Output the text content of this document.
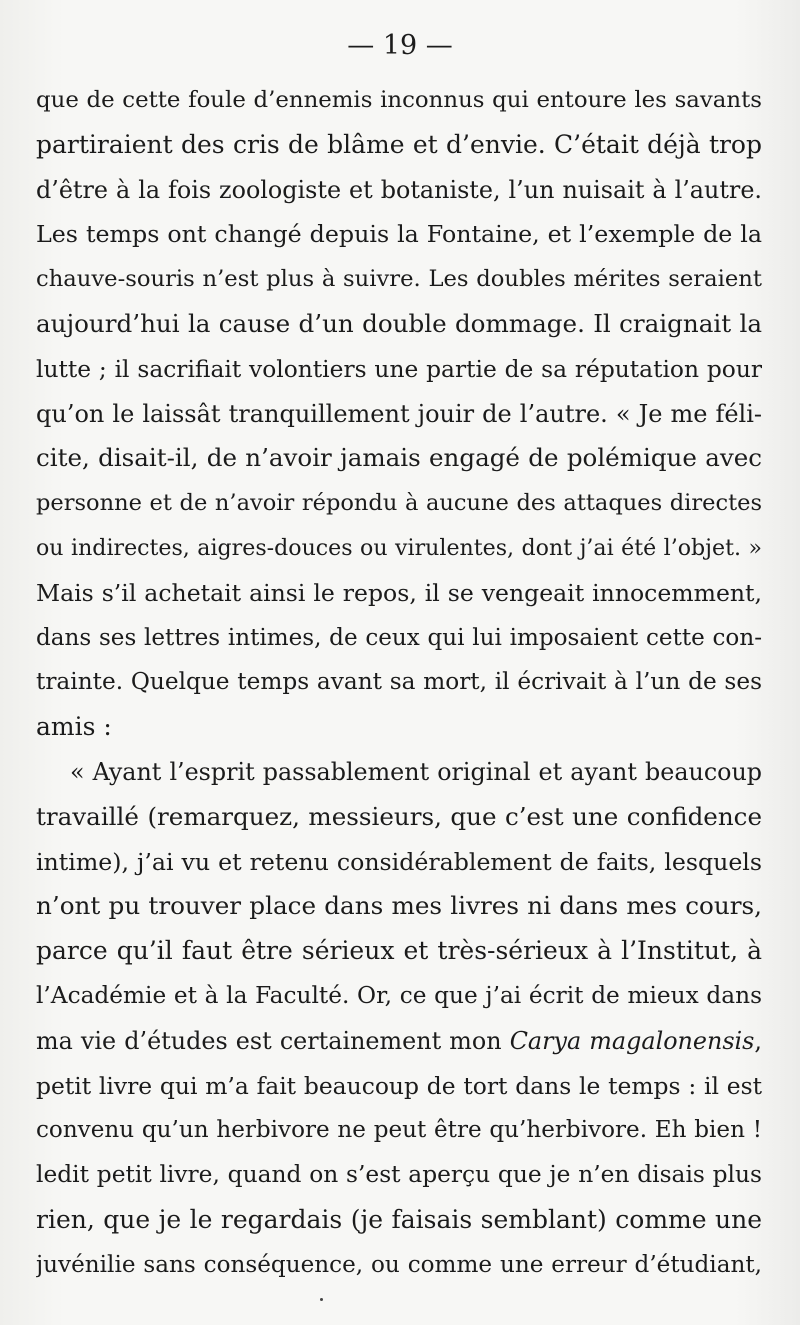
— 19 —
que de cette foule d’ennemis inconnus qui entoure les savants
partiraient des cris de blâme et d’envie. C’était déjà trop
d’être à la fois zoologiste et botaniste, l’un nuisait à l’autre.
Les temps ont changé depuis la Fontaine, et l’exemple de la
chauve-souris n’est plus à suivre. Les doubles mérites seraient
aujourd’hui la cause d’un double dommage. Il craignait la
lutte ; il sacrifiait volontiers une partie de sa réputation pour
qu’on le laissât tranquillement jouir de l’autre. « Je me féli-
cite, disait-il, de n’avoir jamais engagé de polémique avec
personne et de n’avoir répondu à aucune des attaques directes
ou indirectes, aigres-douces ou virulentes, dont j’ai été l’objet. »
Mais s’il achetait ainsi le repos, il se vengeait innocemment,
dans ses lettres intimes, de ceux qui lui imposaient cette con-
trainte. Quelque temps avant sa mort, il écrivait à l’un de ses
amis :
« Ayant l’esprit passablement original et ayant beaucoup
travaillé (remarquez, messieurs, que c’est une confidence
intime), j’ai vu et retenu considérablement de faits, lesquels
n’ont pu trouver place dans mes livres ni dans mes cours,
parce qu’il faut être sérieux et très-sérieux à l’Institut, à
l’Académie et à la Faculté. Or, ce que j’ai écrit de mieux dans
ma vie d’études est certainement mon Carya magalonensis,
petit livre qui m’a fait beaucoup de tort dans le temps : il est
convenu qu’un herbivore ne peut être qu’herbivore. Eh bien !
ledit petit livre, quand on s’est aperçu que je n’en disais plus
rien, que je le regardais (je faisais semblant) comme une
juvénilie sans conséquence, ou comme une erreur d’étudiant,
